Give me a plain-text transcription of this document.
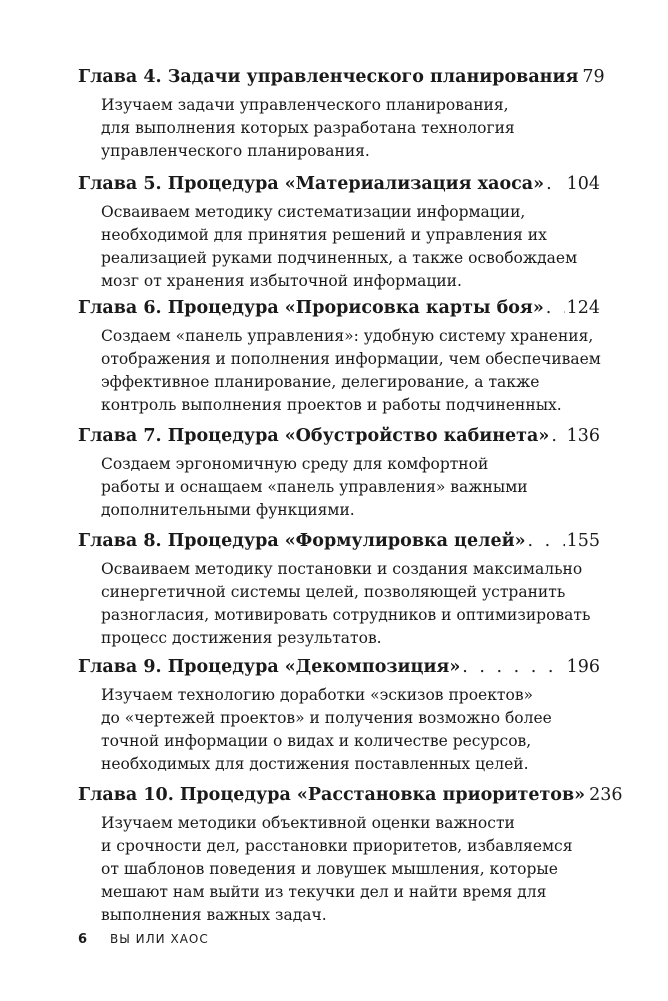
Глава 4. Задачи управленческого планирования 79
Изучаем задачи управленческого планирования,
для выполнения которых разработана технология
управленческого планирования.
Глава 5. Процедура «Материализация хаоса» . . . 104
Осваиваем методику систематизации информации,
необходимой для принятия решений и управления их
реализацией руками подчиненных, а также освобождаем
мозг от хранения избыточной информации.
Глава 6. Процедура «Прорисовка карты боя» . . . 124
Создаем «панель управления»: удобную систему хранения,
отображения и пополнения информации, чем обеспечиваем
эффективное планирование, делегирование, а также
контроль выполнения проектов и работы подчиненных.
Глава 7. Процедура «Обустройство кабинета» . . . 136
Создаем эргономичную среду для комфортной
работы и оснащаем «панель управления» важными
дополнительными функциями.
Глава 8. Процедура «Формулировка целей» . . . 155
Осваиваем методику постановки и создания максимально
синергетичной системы целей, позволяющей устранить
разногласия, мотивировать сотрудников и оптимизировать
процесс достижения результатов.
Глава 9. Процедура «Декомпозиция» . . .	196
Изучаем технологию доработки «эскизов проектов»
до «чертежей проектов» и получения возможно более
точной информации о видах и количестве ресурсов,
необходимых для достижения поставленных целей.
Глава 10. Процедура «Расстановка приоритетов» 236
Изучаем методики объективной оценки важности
и срочности дел, расстановки приоритетов, избавляемся
от шаблонов поведения и ловушек мышления, которые
мешают нам выйти из текучки дел и найти время для
выполнения важных задач.
6 ВЫ ИЛИ ХАОС
